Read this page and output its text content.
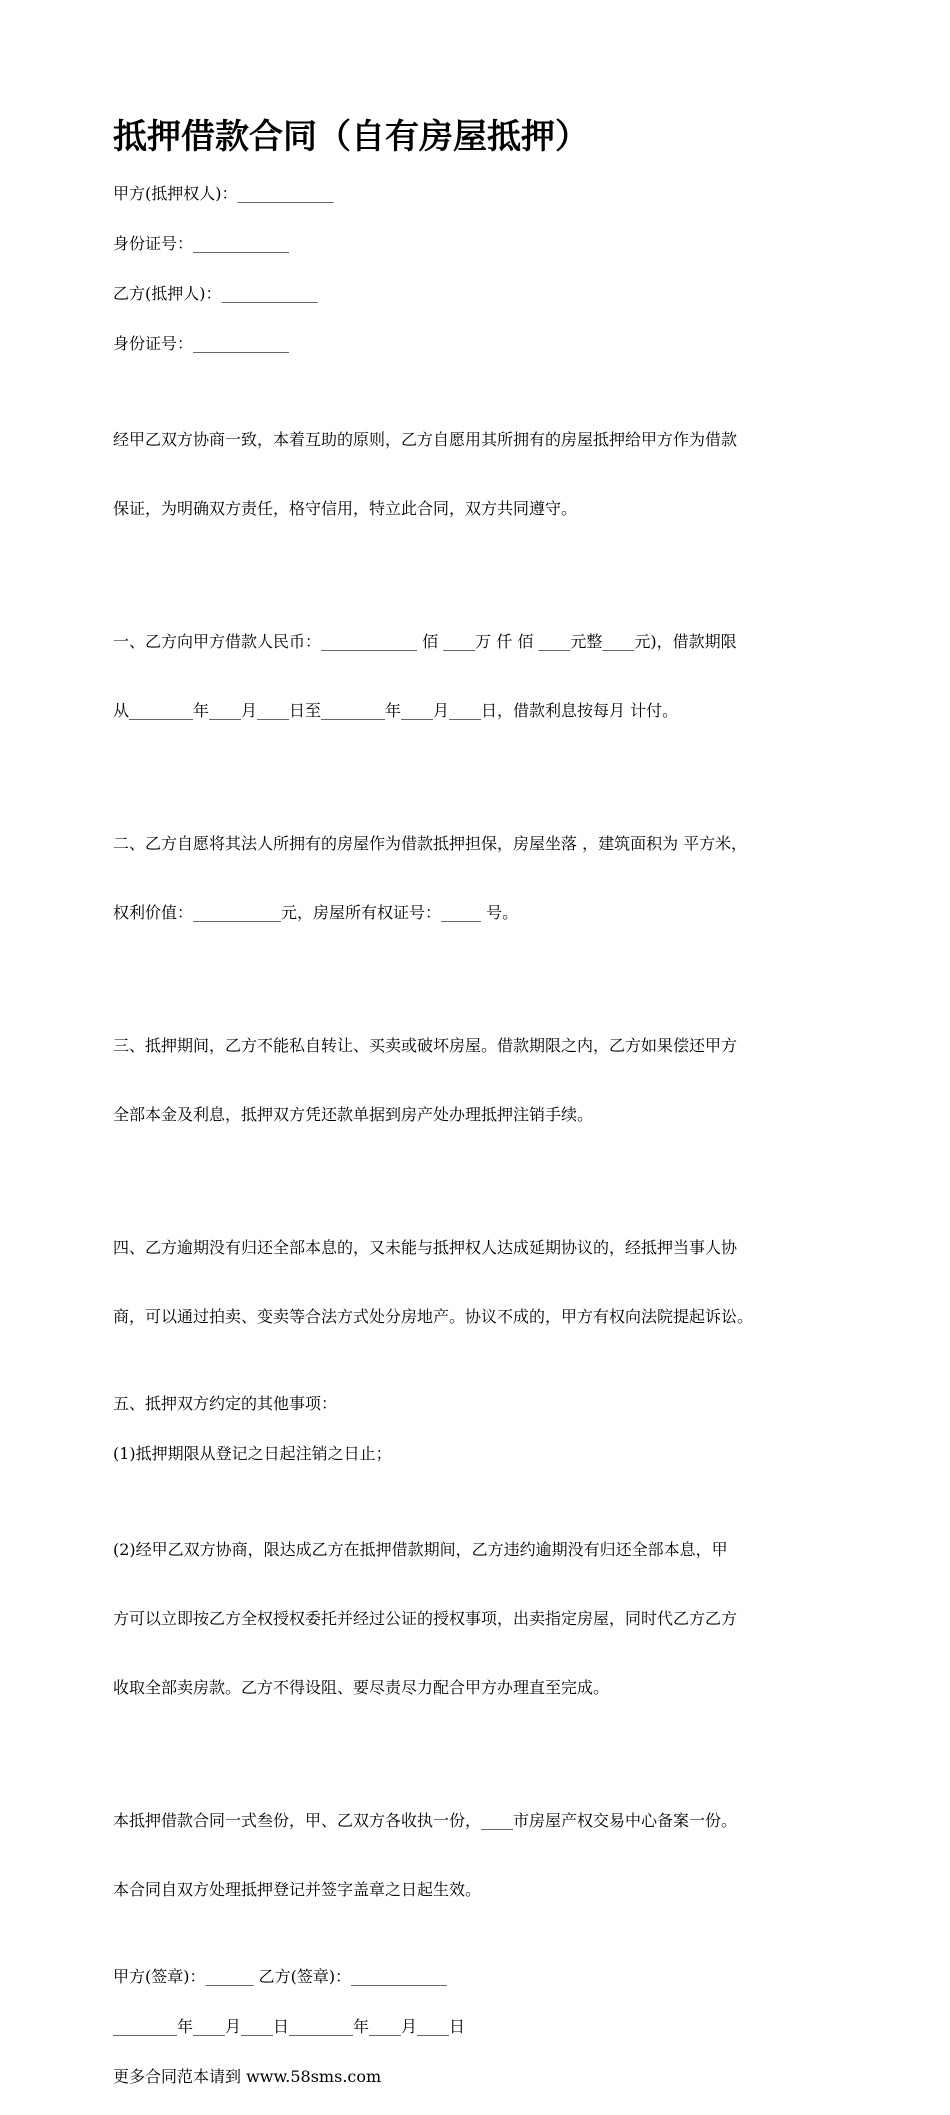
抵押借款合同（自有房屋抵押）
甲方(抵押权人)：____________
身份证号：____________
乙方(抵押人)：____________
身份证号：____________

经甲乙双方协商一致，本着互助的原则，乙方自愿用其所拥有的房屋抵押给甲方作为借款

保证，为明确双方责任，格守信用，特立此合同，双方共同遵守。

一、乙方向甲方借款人民币：____________ 佰 ____万 仟 佰 ____元整____元)，借款期限

从________年____月____日至________年____月____日，借款利息按每月 计付。

二、乙方自愿将其法人所拥有的房屋作为借款抵押担保，房屋坐落 ，建筑面积为 平方米，

权利价值：___________元，房屋所有权证号：_____ 号。

三、抵押期间，乙方不能私自转让、买卖或破坏房屋。借款期限之内，乙方如果偿还甲方

全部本金及利息，抵押双方凭还款单据到房产处办理抵押注销手续。

四、乙方逾期没有归还全部本息的，又未能与抵押权人达成延期协议的，经抵押当事人协

商，可以通过拍卖、变卖等合法方式处分房地产。协议不成的，甲方有权向法院提起诉讼。

五、抵押双方约定的其他事项：
(1)抵押期限从登记之日起注销之日止；

(2)经甲乙双方协商，限达成乙方在抵押借款期间，乙方违约逾期没有归还全部本息，甲

方可以立即按乙方全权授权委托并经过公证的授权事项，出卖指定房屋，同时代乙方乙方

收取全部卖房款。乙方不得设阻、要尽责尽力配合甲方办理直至完成。

本抵押借款合同一式叁份，甲、乙双方各收执一份，____市房屋产权交易中心备案一份。

本合同自双方处理抵押登记并签字盖章之日起生效。

甲方(签章)：______ 乙方(签章)：____________
________年____月____日________年____月____日
更多合同范本请到 www.58sms.com
